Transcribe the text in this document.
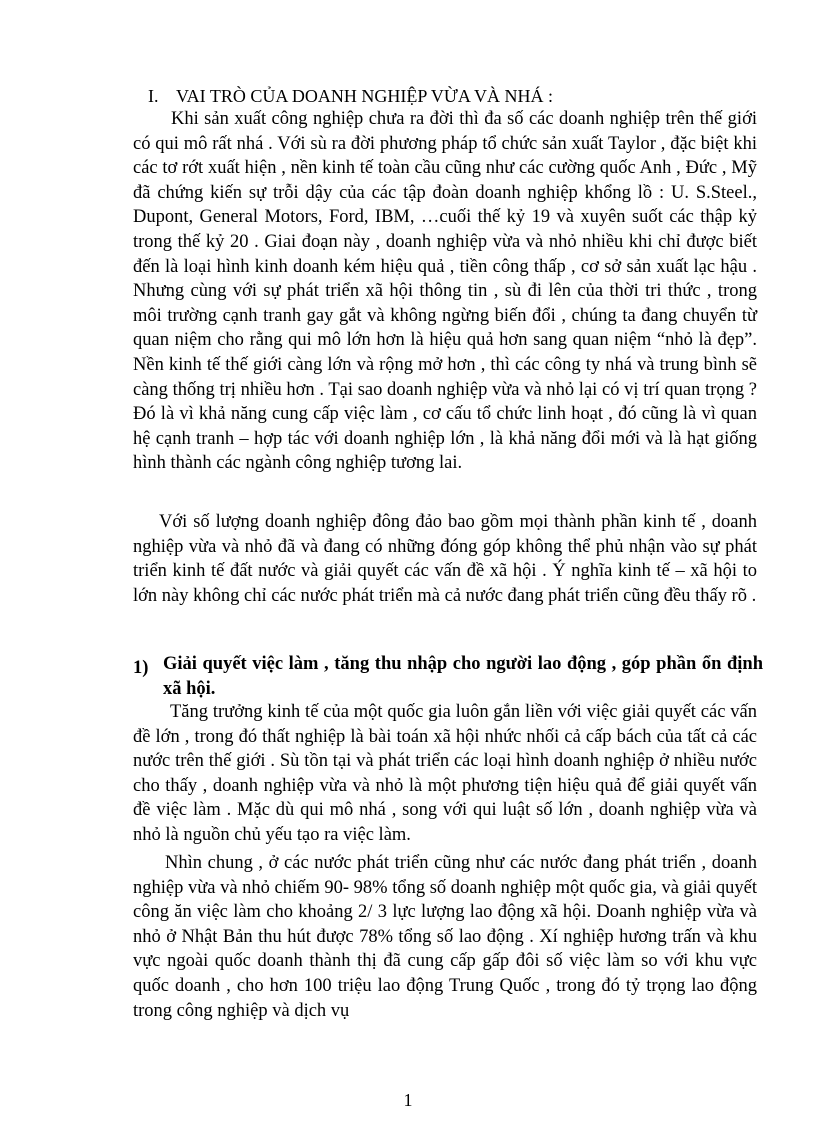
I. VAI TRÒ CỦA DOANH NGHIỆP VỪA VÀ NHÁ :

Khi sản xuất công nghiệp chưa ra đời thì đa số các doanh nghiệp trên thế giới có qui mô rất nhá . Với sù ra đời phương pháp tổ chức sản xuất Taylor , đặc biệt khi các tơ rớt xuất hiện , nền kinh tế toàn cầu cũng như các cường quốc Anh , Đức , Mỹ đã chứng kiến sự trỗi dậy của các tập đoàn doanh nghiệp khổng lồ : U. S.Steel., Dupont, General Motors, Ford, IBM, …cuối thế kỷ 19 và xuyên suốt các thập kỷ trong thế kỷ 20 . Giai đoạn này , doanh nghiệp vừa và nhỏ nhiều khi chỉ được biết đến là loại hình kinh doanh kém hiệu quả , tiền công thấp , cơ sở sản xuất lạc hậu . Nhưng cùng với sự phát triển xã hội thông tin , sù đi lên của thời tri thức , trong môi trường cạnh tranh gay gắt và không ngừng biến đổi , chúng ta đang chuyển từ quan niệm cho rằng qui mô lớn hơn là hiệu quả hơn sang quan niệm “nhỏ là đẹp”. Nền kinh tế thế giới càng lớn và rộng mở hơn , thì các công ty nhá và trung bình sẽ càng thống trị nhiều hơn . Tại sao doanh nghiệp vừa và nhỏ lại có vị trí quan trọng ? Đó là vì khả năng cung cấp việc làm , cơ cấu tổ chức linh hoạt , đó cũng là vì quan hệ cạnh tranh – hợp tác với doanh nghiệp lớn , là khả năng đổi mới và là hạt giống hình thành các ngành công nghiệp tương lai.

Với số lượng doanh nghiệp đông đảo bao gồm mọi thành phần kinh tế , doanh nghiệp vừa và nhỏ đã và đang có những đóng góp không thể phủ nhận vào sự phát triển kinh tế đất nước và giải quyết các vấn đề xã hội . Ý nghĩa kinh tế – xã hội to lớn này không chỉ các nước phát triển mà cả nước đang phát triển cũng đều thấy rõ .

1) Giải quyết việc làm , tăng thu nhập cho người lao động , góp phần ổn định xã hội.

Tăng trưởng kinh tế của một quốc gia luôn gắn liền với việc giải quyết các vấn đề lớn , trong đó thất nghiệp là bài toán xã hội nhức nhối cả cấp bách của tất cả các nước trên thế giới . Sù tồn tại và phát triển các loại hình doanh nghiệp ở nhiều nước cho thấy , doanh nghiệp vừa và nhỏ là một phương tiện hiệu quả để giải quyết vấn đề việc làm . Mặc dù qui mô nhá , song với qui luật số lớn , doanh nghiệp vừa và nhỏ là nguồn chủ yếu tạo ra việc làm.

Nhìn chung , ở các nước phát triển cũng như các nước đang phát triển , doanh nghiệp vừa và nhỏ chiếm 90- 98% tổng số doanh nghiệp một quốc gia, và giải quyết công ăn việc làm cho khoảng 2/ 3 lực lượng lao động xã hội. Doanh nghiệp vừa và nhỏ ở Nhật Bản thu hút được 78% tổng số lao động . Xí nghiệp hương trấn và khu vực ngoài quốc doanh thành thị đã cung cấp gấp đôi số việc làm so với khu vực quốc doanh , cho hơn 100 triệu lao động Trung Quốc , trong đó tỷ trọng lao động trong công nghiệp và dịch vụ

1
